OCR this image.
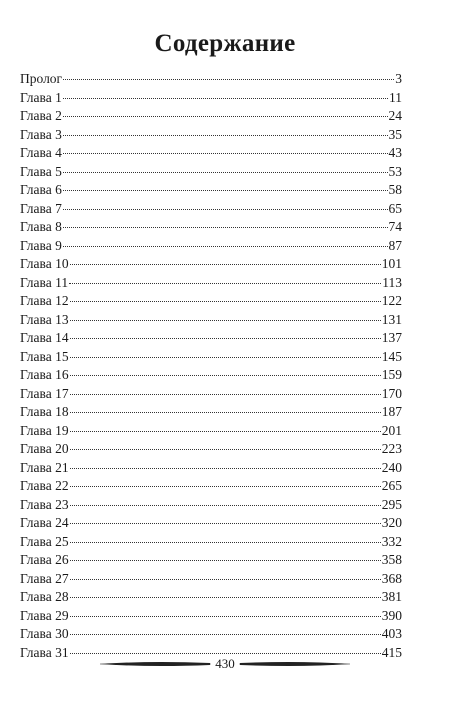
Содержание
Пролог	3
Глава 1	11
Глава 2	24
Глава 3	35
Глава 4	43
Глава 5	53
Глава 6	58
Глава 7	65
Глава 8	74
Глава 9	87
Глава 10	101
Глава 11	113
Глава 12	122
Глава 13	131
Глава 14	137
Глава 15	145
Глава 16	159
Глава 17	170
Глава 18	187
Глава 19	201
Глава 20	223
Глава 21	240
Глава 22	265
Глава 23	295
Глава 24	320
Глава 25	332
Глава 26	358
Глава 27	368
Глава 28	381
Глава 29	390
Глава 30	403
Глава 31	415
430
